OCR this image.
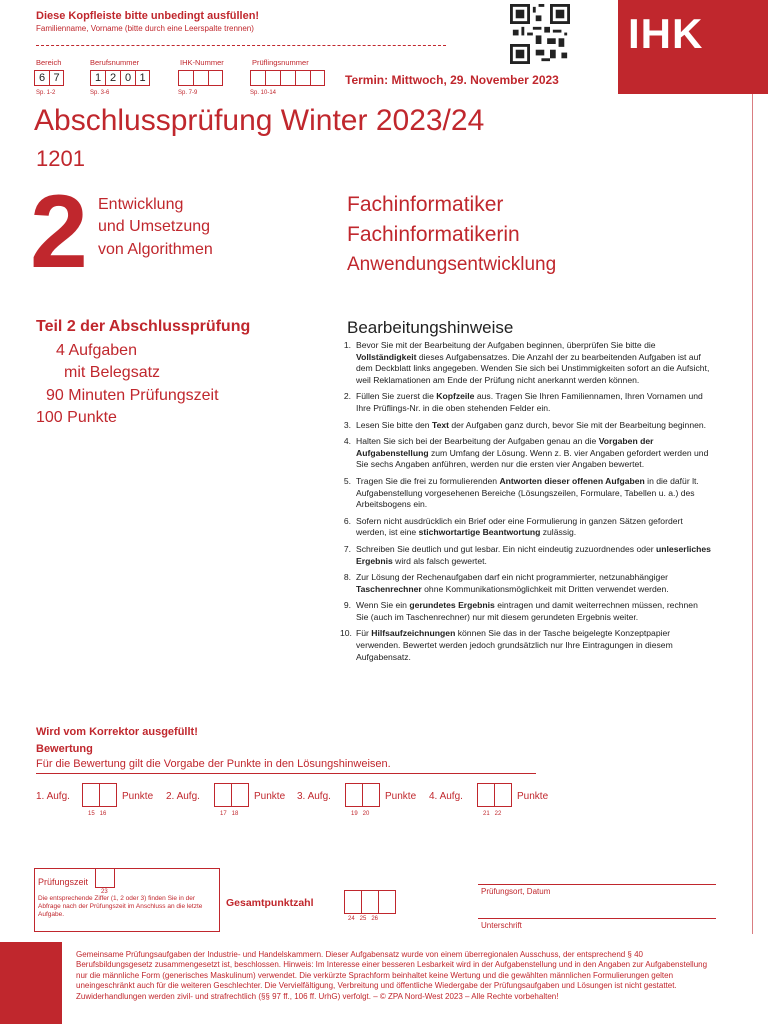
Diese Kopfleiste bitte unbedingt ausfüllen!
Familienname, Vorname (bitte durch eine Leerspalte trennen)
Bereich	Berufsnummer	IHK-Nummer	Prüflingsnummer
6 7	1 2 0 1
Sp. 1-2	Sp. 3-6	Sp. 7-9	Sp. 10-14
Termin: Mittwoch, 29. November 2023
IHK
Abschlussprüfung Winter 2023/24
1201
2 Entwicklung
und Umsetzung
von Algorithmen
Fachinformatiker
Fachinformatikerin
Anwendungsentwicklung
Teil 2 der Abschlussprüfung
4 Aufgaben
mit Belegsatz
90 Minuten Prüfungszeit
100 Punkte
Bearbeitungshinweise
1. Bevor Sie mit der Bearbeitung der Aufgaben beginnen, überprüfen Sie bitte die Vollständigkeit dieses Aufgabensatzes. Die Anzahl der zu bearbeitenden Aufgaben ist auf dem Deckblatt links angegeben. Wenden Sie sich bei Unstimmigkeiten sofort an die Aufsicht, weil Reklamationen am Ende der Prüfung nicht anerkannt werden können.
2. Füllen Sie zuerst die Kopfzeile aus. Tragen Sie Ihren Familiennamen, Ihren Vornamen und Ihre Prüflings-Nr. in die oben stehenden Felder ein.
3. Lesen Sie bitte den Text der Aufgaben ganz durch, bevor Sie mit der Bearbeitung beginnen.
4. Halten Sie sich bei der Bearbeitung der Aufgaben genau an die Vorgaben der Aufgabenstellung zum Umfang der Lösung. Wenn z. B. vier Angaben gefordert werden und Sie sechs Angaben anführen, werden nur die ersten vier Angaben bewertet.
5. Tragen Sie die frei zu formulierenden Antworten dieser offenen Aufgaben in die dafür lt. Aufgabenstellung vorgesehenen Bereiche (Lösungszeilen, Formulare, Tabellen u. a.) des Arbeitsbogens ein.
6. Sofern nicht ausdrücklich ein Brief oder eine Formulierung in ganzen Sätzen gefordert werden, ist eine stichwortartige Beantwortung zulässig.
7. Schreiben Sie deutlich und gut lesbar. Ein nicht eindeutig zuzuordnendes oder unleserliches Ergebnis wird als falsch gewertet.
8. Zur Lösung der Rechenaufgaben darf ein nicht programmierter, netzunabhängiger Taschenrechner ohne Kommunikationsmöglichkeit mit Dritten verwendet werden.
9. Wenn Sie ein gerundetes Ergebnis eintragen und damit weiterrechnen müssen, rechnen Sie (auch im Taschenrechner) nur mit diesem gerundeten Ergebnis weiter.
10. Für Hilfsaufzeichnungen können Sie das in der Tasche beigelegte Konzeptpapier verwenden. Bewertet werden jedoch grundsätzlich nur Ihre Eintragungen in diesem Aufgabensatz.
Wird vom Korrektor ausgefüllt!
Bewertung
Für die Bewertung gilt die Vorgabe der Punkte in den Lösungshinweisen.
1. Aufg.	Punkte
15   16
2. Aufg.	Punkte
17   18
3. Aufg.	Punkte
19   20
4. Aufg.	Punkte
21   22
Prüfungszeit
23
Die entsprechende Ziffer (1, 2 oder 3) finden Sie in der Abfrage nach der Prüfungszeit im Anschluss an die letzte Aufgabe.
Gesamtpunktzahl
24   25   26
Prüfungsort, Datum
Unterschrift
Gemeinsame Prüfungsaufgaben der Industrie- und Handelskammern. Dieser Aufgabensatz wurde von einem überregionalen Ausschuss, der entsprechend § 40 Berufsbildungsgesetz zusammengesetzt ist, beschlossen. Hinweis: Im Interesse einer besseren Lesbarkeit wird in der Aufgabenstellung und in den Angaben zur Aufgabenstellung nur die männliche Form (generisches Maskulinum) verwendet. Die verkürzte Sprachform beinhaltet keine Wertung und die gewählten männlichen Formulierungen gelten uneingeschränkt auch für die weiteren Geschlechter. Die Vervielfältigung, Verbreitung und öffentliche Wiedergabe der Prüfungsaufgaben und Lösungen ist nicht gestattet. Zuwiderhandlungen werden zivil- und strafrechtlich (§§ 97 ff., 106 ff. UrhG) verfolgt. – © ZPA Nord-West 2023 – Alle Rechte vorbehalten!
